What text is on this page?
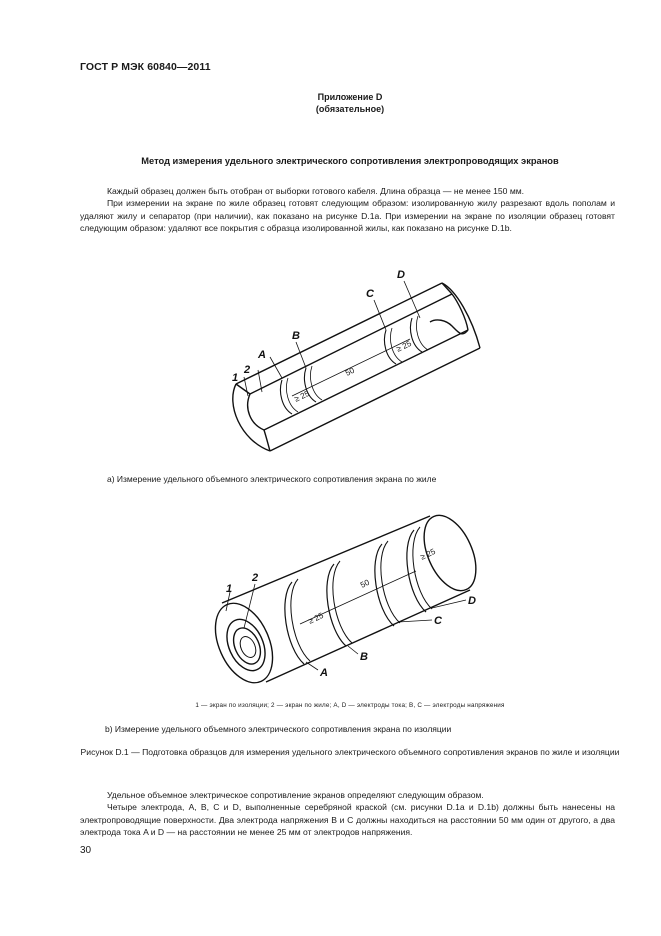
ГОСТ Р МЭК 60840—2011
Приложение D
(обязательное)
Метод измерения удельного электрического сопротивления электропроводящих экранов

Каждый образец должен быть отобран от выборки готового кабеля. Длина образца — не менее 150 мм.

При измерении на экране по жиле образец готовят следующим образом: изолированную жилу разрезают вдоль пополам и удаляют жилу и сепаратор (при наличии), как показано на рисунке D.1a. При измерении на экране по изоляции образец готовят следующим образом: удаляют все покрытия с образца изолированной жилы, как показано на рисунке D.1b.

1
2
A
B
C
D
≥ 25
50
≥ 25
а) Измерение удельного объемного электрического сопротивления экрана по жиле
1
2
A
B
C
D
≥ 25
50
≥ 25
1 — экран по изоляции; 2 — экран по жиле; A, D — электроды тока; B, C — электроды напряжения
b) Измерение удельного объемного электрического сопротивления экрана по изоляции
Рисунок D.1 — Подготовка образцов для измерения удельного электрического объемного сопротивления экранов по жиле и изоляции

Удельное объемное электрическое сопротивление экранов определяют следующим образом.

Четыре электрода, A, B, C и D, выполненные серебряной краской (см. рисунки D.1a и D.1b) должны быть нанесены на электропроводящие поверхности. Два электрода напряжения B и C должны находиться на расстоянии 50 мм один от другого, а два электрода тока A и D — на расстоянии не менее 25 мм от электродов напряжения.

30
